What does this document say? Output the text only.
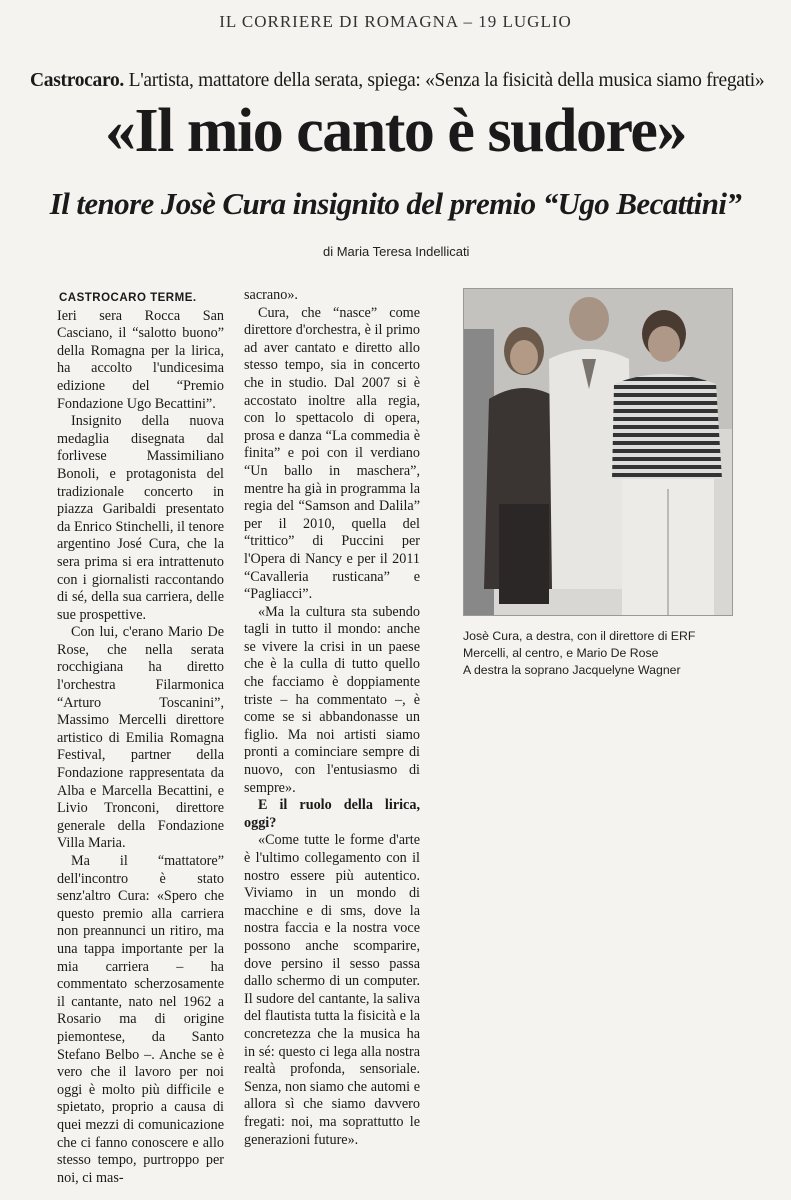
IL CORRIERE DI ROMAGNA – 19 LUGLIO
Castrocaro. L'artista, mattatore della serata, spiega: «Senza la fisicità della musica siamo fregati»
«Il mio canto è sudore»
Il tenore Josè Cura insignito del premio “Ugo Becattini”
di Maria Teresa Indellicati

CASTROCARO TERME.
Ieri sera Rocca San Casciano, il “salotto buono” della Romagna per la lirica, ha accolto l'undicesima edizione del “Premio Fondazione Ugo Becattini”.

Insignito della nuova medaglia disegnata dal forlivese Massimiliano Bonoli, e protagonista del tradizionale concerto in piazza Garibaldi presentato da Enrico Stinchelli, il tenore argentino José Cura, che la sera prima si era intrattenuto con i giornalisti raccontando di sé, della sua carriera, delle sue prospettive.

Con lui, c'erano Mario De Rose, che nella serata rocchigiana ha diretto l'orchestra Filarmonica “Arturo Toscanini”, Massimo Mercelli direttore artistico di Emilia Romagna Festival, partner della Fondazione rappresentata da Alba e Marcella Becattini, e Livio Tronconi, direttore generale della Fondazione Villa Maria.

Ma il “mattatore” dell'incontro è stato senz'altro Cura: «Spero che questo premio alla carriera non preannunci un ritiro, ma una tappa importante per la mia carriera – ha commentato scherzosamente il cantante, nato nel 1962 a Rosario ma di origine piemontese, da Santo Stefano Belbo –. Anche se è vero che il lavoro per noi oggi è molto più difficile e spietato, proprio a causa di quei mezzi di comunicazione che ci fanno conoscere e allo stesso tempo, purtroppo per noi, ci mas-

sacrano».

Cura, che “nasce” come direttore d'orchestra, è il primo ad aver cantato e diretto allo stesso tempo, sia in concerto che in studio. Dal 2007 si è accostato inoltre alla regia, con lo spettacolo di opera, prosa e danza “La commedia è finita” e poi con il verdiano “Un ballo in maschera”, mentre ha già in programma la regia del “Samson and Dalila” per il 2010, quella del “trittico” di Puccini per l'Opera di Nancy e per il 2011 “Cavalleria rusticana” e “Pagliacci”.

«Ma la cultura sta subendo tagli in tutto il mondo: anche se vivere la crisi in un paese che è la culla di tutto quello che facciamo è doppiamente triste – ha commentato –, è come se si abbandonasse un figlio. Ma noi artisti siamo pronti a cominciare sempre di nuovo, con l'entusiasmo di sempre».

E il ruolo della lirica, oggi?

«Come tutte le forme d'arte è l'ultimo collegamento con il nostro essere più autentico. Viviamo in un mondo di macchine e di sms, dove la nostra faccia e la nostra voce possono anche scomparire, dove persino il sesso passa dallo schermo di un computer. Il sudore del cantante, la saliva del flautista tutta la fisicità e la concretezza che la musica ha in sé: questo ci lega alla nostra realtà profonda, sensoriale. Senza, non siamo che automi e allora sì che siamo davvero fregati: noi, ma soprattutto le generazioni future».

Josè Cura, a destra, con il direttore di ERF
Mercelli, al centro, e Mario De Rose
A destra la soprano Jacquelyne Wagner
